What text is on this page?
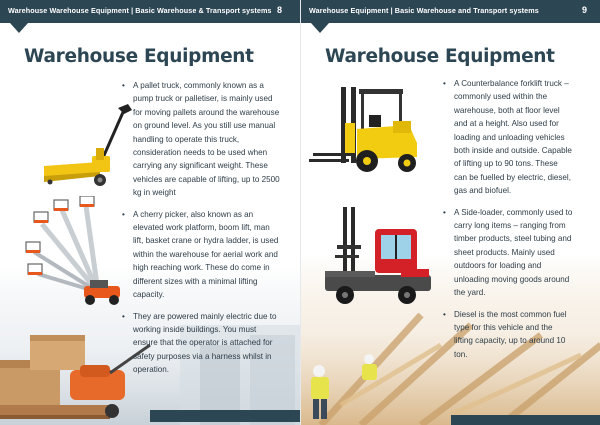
Warehouse Warehouse Equipment | Basic Warehouse & Transport systems 8
Warehouse Equipment
• A pallet truck, commonly known as a pump truck or palletiser, is mainly used for moving pallets around the warehouse on ground level. As you still use manual handling to operate this truck, consideration needs to be used when carrying any significant weight. These vehicles are capable of lifting, up to 2500 kg in weight
• A cherry picker, also known as an elevated work platform, boom lift, man lift, basket crane or hydra ladder, is used within the warehouse for aerial work and high reaching work. These do come in different sizes with a minimal lifting capacity.
• They are powered mainly electric due to working inside buildings. You must ensure that the operator is attached for safety purposes via a harness whilst in operation.
Warehouse Equipment | Basic Warehouse and Transport systems	9
Warehouse Equipment
• A Counterbalance forklift truck – commonly used within the warehouse, both at floor level and at a height. Also used for loading and unloading vehicles both inside and outside. Capable of lifting up to 90 tons. These can be fuelled by electric, diesel, gas and biofuel.
• A Side-loader, commonly used to carry long items – ranging from timber products, steel tubing and sheet products. Mainly used outdoors for loading and unloading moving goods around the yard.
• Diesel is the most common fuel type for this vehicle and the lifting capacity, up to around 10 ton.
